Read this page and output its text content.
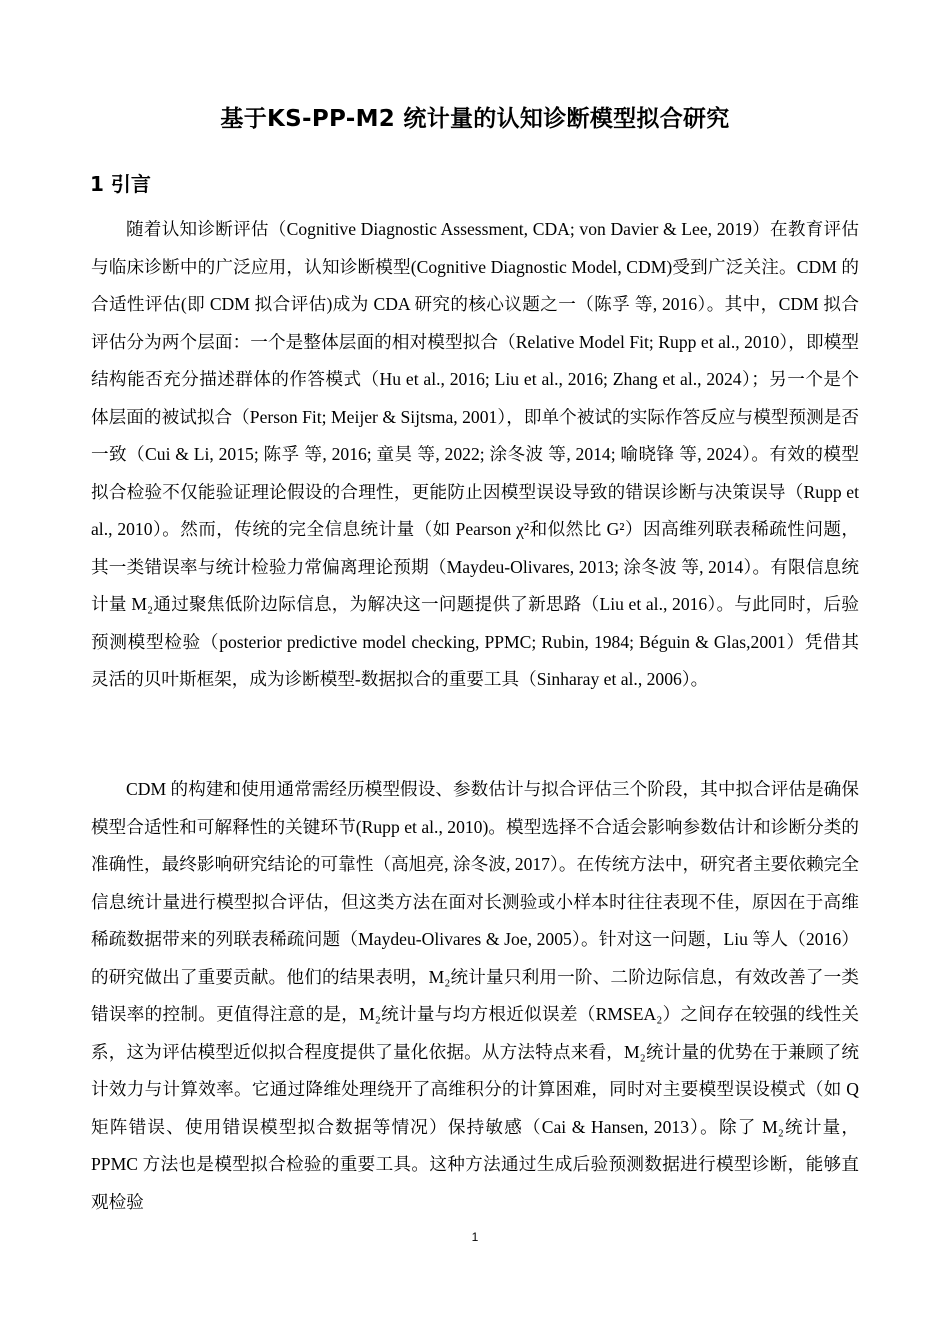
基于KS-PP-M2 统计量的认知诊断模型拟合研究
1 引言

随着认知诊断评估（Cognitive Diagnostic Assessment, CDA; von Davier & Lee, 2019）在教育评估与临床诊断中的广泛应用，认知诊断模型(Cognitive Diagnostic Model, CDM)受到广泛关注。CDM 的合适性评估(即 CDM 拟合评估)成为 CDA 研究的核心议题之一（陈孚 等, 2016）。其中，CDM 拟合评估分为两个层面：一个是整体层面的相对模型拟合（Relative Model Fit; Rupp et al., 2010），即模型结构能否充分描述群体的作答模式（Hu et al., 2016; Liu et al., 2016; Zhang et al., 2024）；另一个是个体层面的被试拟合（Person Fit; Meijer & Sijtsma, 2001），即单个被试的实际作答反应与模型预测是否一致（Cui & Li, 2015; 陈孚 等, 2016; 童昊 等, 2022; 涂冬波 等, 2014; 喻晓锋 等, 2024）。有效的模型拟合检验不仅能验证理论假设的合理性，更能防止因模型误设导致的错误诊断与决策误导（Rupp et al., 2010）。然而，传统的完全信息统计量（如 Pearson χ²和似然比 G²）因高维列联表稀疏性问题，其一类错误率与统计检验力常偏离理论预期（Maydeu-Olivares, 2013; 涂冬波 等, 2014）。有限信息统计量 M₂通过聚焦低阶边际信息，为解决这一问题提供了新思路（Liu et al., 2016）。与此同时，后验预测模型检验（posterior predictive model checking, PPMC; Rubin, 1984; Béguin & Glas,2001）凭借其灵活的贝叶斯框架，成为诊断模型-数据拟合的重要工具（Sinharay et al., 2006）。

CDM 的构建和使用通常需经历模型假设、参数估计与拟合评估三个阶段，其中拟合评估是确保模型合适性和可解释性的关键环节(Rupp et al., 2010)。模型选择不合适会影响参数估计和诊断分类的准确性，最终影响研究结论的可靠性（高旭亮, 涂冬波, 2017）。在传统方法中，研究者主要依赖完全信息统计量进行模型拟合评估，但这类方法在面对长测验或小样本时往往表现不佳，原因在于高维稀疏数据带来的列联表稀疏问题（Maydeu-Olivares & Joe, 2005）。针对这一问题，Liu 等人（2016）的研究做出了重要贡献。他们的结果表明，M₂统计量只利用一阶、二阶边际信息，有效改善了一类错误率的控制。更值得注意的是，M₂统计量与均方根近似误差（RMSEA₂）之间存在较强的线性关系，这为评估模型近似拟合程度提供了量化依据。从方法特点来看，M₂统计量的优势在于兼顾了统计效力与计算效率。它通过降维处理绕开了高维积分的计算困难，同时对主要模型误设模式（如 Q 矩阵错误、使用错误模型拟合数据等情况）保持敏感（Cai & Hansen, 2013）。除了 M₂统计量，PPMC 方法也是模型拟合检验的重要工具。这种方法通过生成后验预测数据进行模型诊断，能够直观检验

1
